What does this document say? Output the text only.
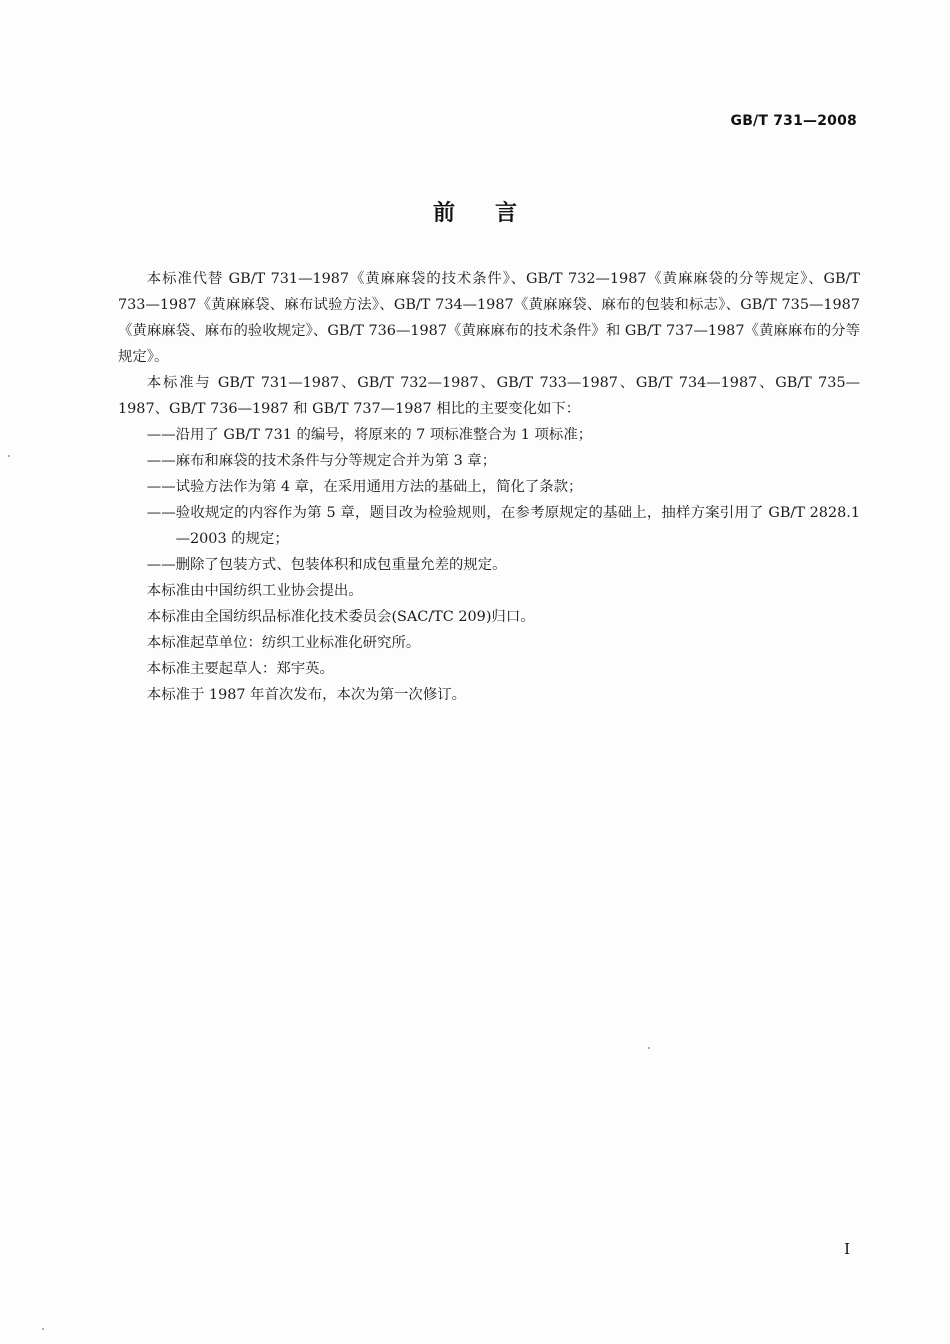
GB/T 731—2008
前言

本标准代替 GB/T 731—1987《黄麻麻袋的技术条件》、GB/T 732—1987《黄麻麻袋的分等规定》、GB/T 733—1987《黄麻麻袋、麻布试验方法》、GB/T 734—1987《黄麻麻袋、麻布的包装和标志》、GB/T 735—1987《黄麻麻袋、麻布的验收规定》、GB/T 736—1987《黄麻麻布的技术条件》和 GB/T 737—1987《黄麻麻布的分等规定》。

本标准与 GB/T 731—1987、GB/T 732—1987、GB/T 733—1987、GB/T 734—1987、GB/T 735—1987、GB/T 736—1987 和 GB/T 737—1987 相比的主要变化如下：

——沿用了 GB/T 731 的编号，将原来的 7 项标准整合为 1 项标准；

——麻布和麻袋的技术条件与分等规定合并为第 3 章；

——试验方法作为第 4 章，在采用通用方法的基础上，简化了条款；

——验收规定的内容作为第 5 章，题目改为检验规则，在参考原规定的基础上，抽样方案引用了 GB/T 2828.1—2003 的规定；

——删除了包装方式、包装体积和成包重量允差的规定。

本标准由中国纺织工业协会提出。

本标准由全国纺织品标准化技术委员会(SAC/TC 209)归口。

本标准起草单位：纺织工业标准化研究所。

本标准主要起草人：郑宇英。

本标准于 1987 年首次发布，本次为第一次修订。

I
